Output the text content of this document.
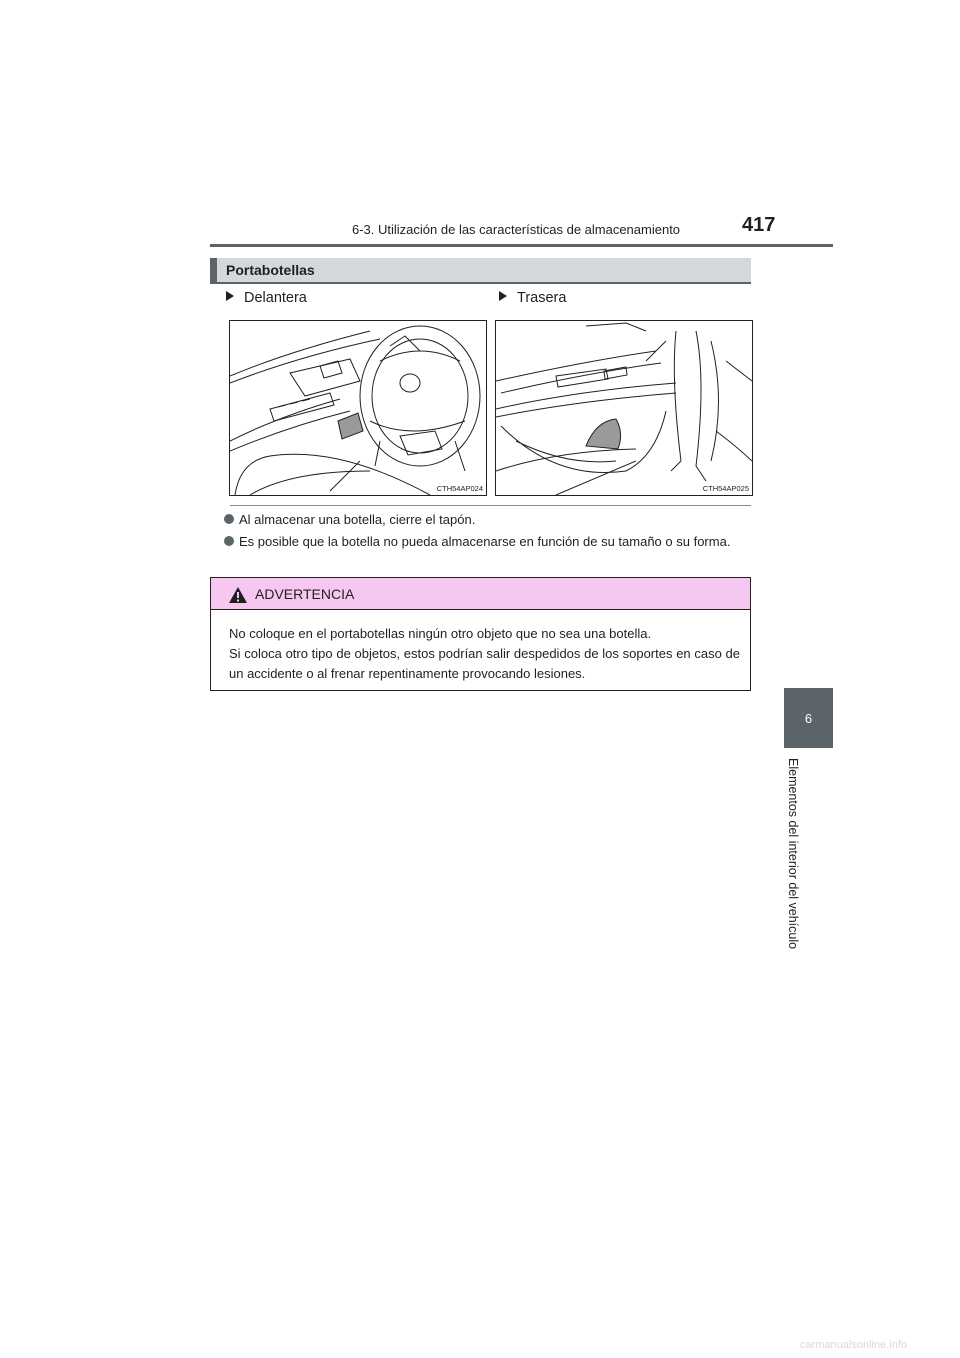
6-3. Utilización de las características de almacenamiento	417
6
Elementos del interior del vehículo
Portabotellas
Delantera	Trasera
CTH54AP024	CTH54AP025
Al almacenar una botella, cierre el tapón.
Es posible que la botella no pueda almacenarse en función de su tamaño o su forma.
ADVERTENCIA
No coloque en el portabotellas ningún otro objeto que no sea una botella.
Si coloca otro tipo de objetos, estos podrían salir despedidos de los soportes en caso de un accidente o al frenar repentinamente provocando lesiones.
carmanualsonline.info
